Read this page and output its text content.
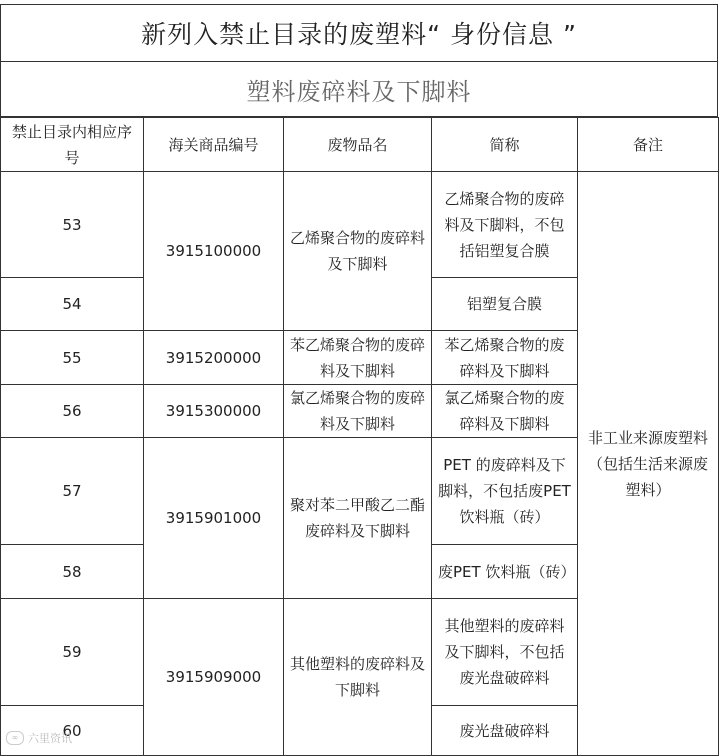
新列入禁止目录的废塑料“ 身份信息 ”
塑料废碎料及下脚料
禁止目录内相应序号	海关商品编号	废物品名	简称	备注
53	3915100000	乙烯聚合物的废碎料及下脚料	乙烯聚合物的废碎料及下脚料，不包括铝塑复合膜	非工业来源废塑料（包括生活来源废塑料）
54			铝塑复合膜	
55	3915200000	苯乙烯聚合物的废碎料及下脚料	苯乙烯聚合物的废碎料及下脚料	
56	3915300000	氯乙烯聚合物的废碎料及下脚料	氯乙烯聚合物的废碎料及下脚料	
57	3915901000	聚对苯二甲酸乙二酯废碎料及下脚料	PET 的废碎料及下脚料，不包括废PET 饮料瓶（砖）	
58			废PET 饮料瓶（砖）	
59	3915909000	其他塑料的废碎料及下脚料	其他塑料的废碎料及下脚料，不包括废光盘破碎料	
60			废光盘破碎料	
∞ 六里资讯
